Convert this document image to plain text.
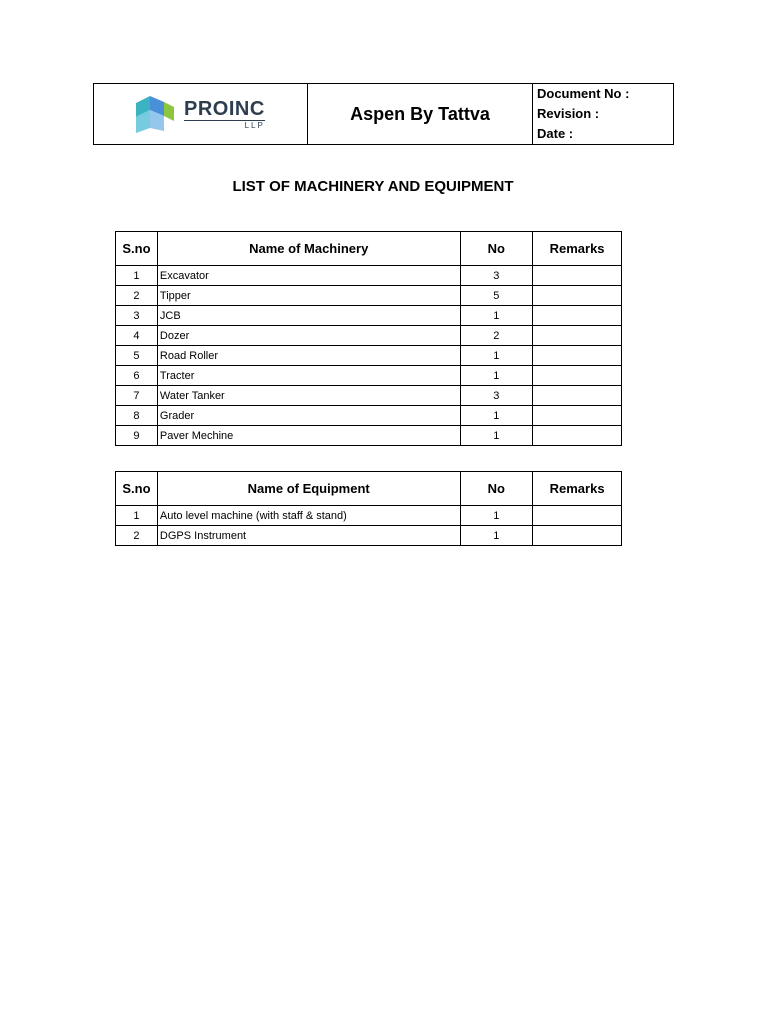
PROINC
LLP
Aspen By Tattva
Document No :
Revision :
Date :
LIST OF MACHINERY AND EQUIPMENT
S.no	Name of Machinery	No	Remarks
1	Excavator	3	
2	Tipper	5	
3	JCB	1	
4	Dozer	2	
5	Road Roller	1	
6	Tracter	1	
7	Water Tanker	3	
8	Grader	1	
9	Paver Mechine	1	
S.no	Name of Equipment	No	Remarks
1	Auto level machine (with staff & stand)	1	
2	DGPS Instrument	1	
